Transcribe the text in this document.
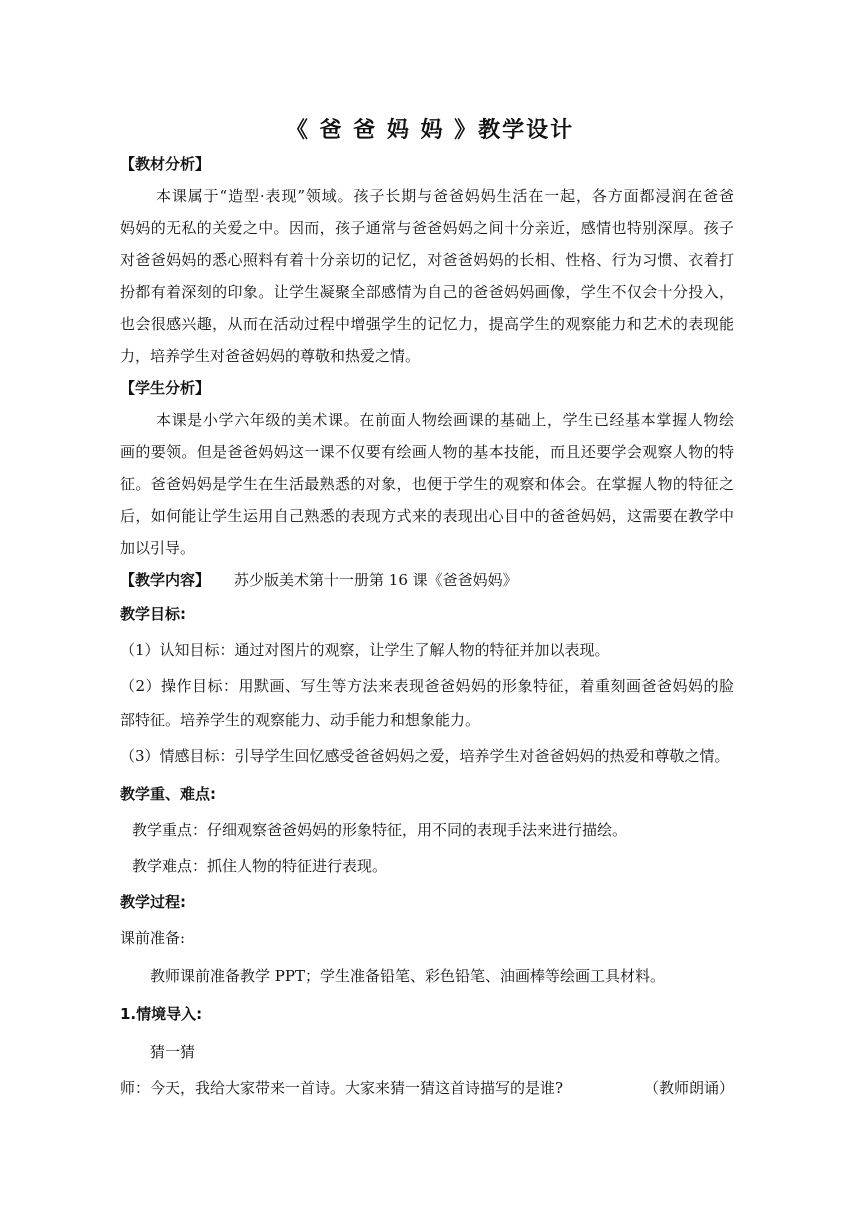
《 爸 爸 妈 妈 》教学设计
【教材分析】
本课属于“造型·表现”领域。孩子长期与爸爸妈妈生活在一起，各方面都浸润在爸爸
妈妈的无私的关爱之中。因而，孩子通常与爸爸妈妈之间十分亲近，感情也特别深厚。孩子
对爸爸妈妈的悉心照料有着十分亲切的记忆，对爸爸妈妈的长相、性格、行为习惯、衣着打
扮都有着深刻的印象。让学生凝聚全部感情为自己的爸爸妈妈画像，学生不仅会十分投入，
也会很感兴趣，从而在活动过程中增强学生的记忆力，提高学生的观察能力和艺术的表现能
力，培养学生对爸爸妈妈的尊敬和热爱之情。
【学生分析】
本课是小学六年级的美术课。在前面人物绘画课的基础上，学生已经基本掌握人物绘
画的要领。但是爸爸妈妈这一课不仅要有绘画人物的基本技能，而且还要学会观察人物的特
征。爸爸妈妈是学生在生活最熟悉的对象，也便于学生的观察和体会。在掌握人物的特征之
后，如何能让学生运用自己熟悉的表现方式来的表现出心目中的爸爸妈妈，这需要在教学中
加以引导。
【教学内容】 苏少版美术第十一册第 16 课《爸爸妈妈》
教学目标:
（1）认知目标：通过对图片的观察，让学生了解人物的特征并加以表现。
（2）操作目标：用默画、写生等方法来表现爸爸妈妈的形象特征，着重刻画爸爸妈妈的脸
部特征。培养学生的观察能力、动手能力和想象能力。
（3）情感目标：引导学生回忆感受爸爸妈妈之爱，培养学生对爸爸妈妈的热爱和尊敬之情。
教学重、难点:
教学重点：仔细观察爸爸妈妈的形象特征，用不同的表现手法来进行描绘。
教学难点：抓住人物的特征进行表现。
教学过程:
课前准备:
教师课前准备教学 PPT；学生准备铅笔、彩色铅笔、油画棒等绘画工具材料。
1.情境导入:
猜一猜
师：今天，我给大家带来一首诗。大家来猜一猜这首诗描写的是谁?	（教师朗诵）
